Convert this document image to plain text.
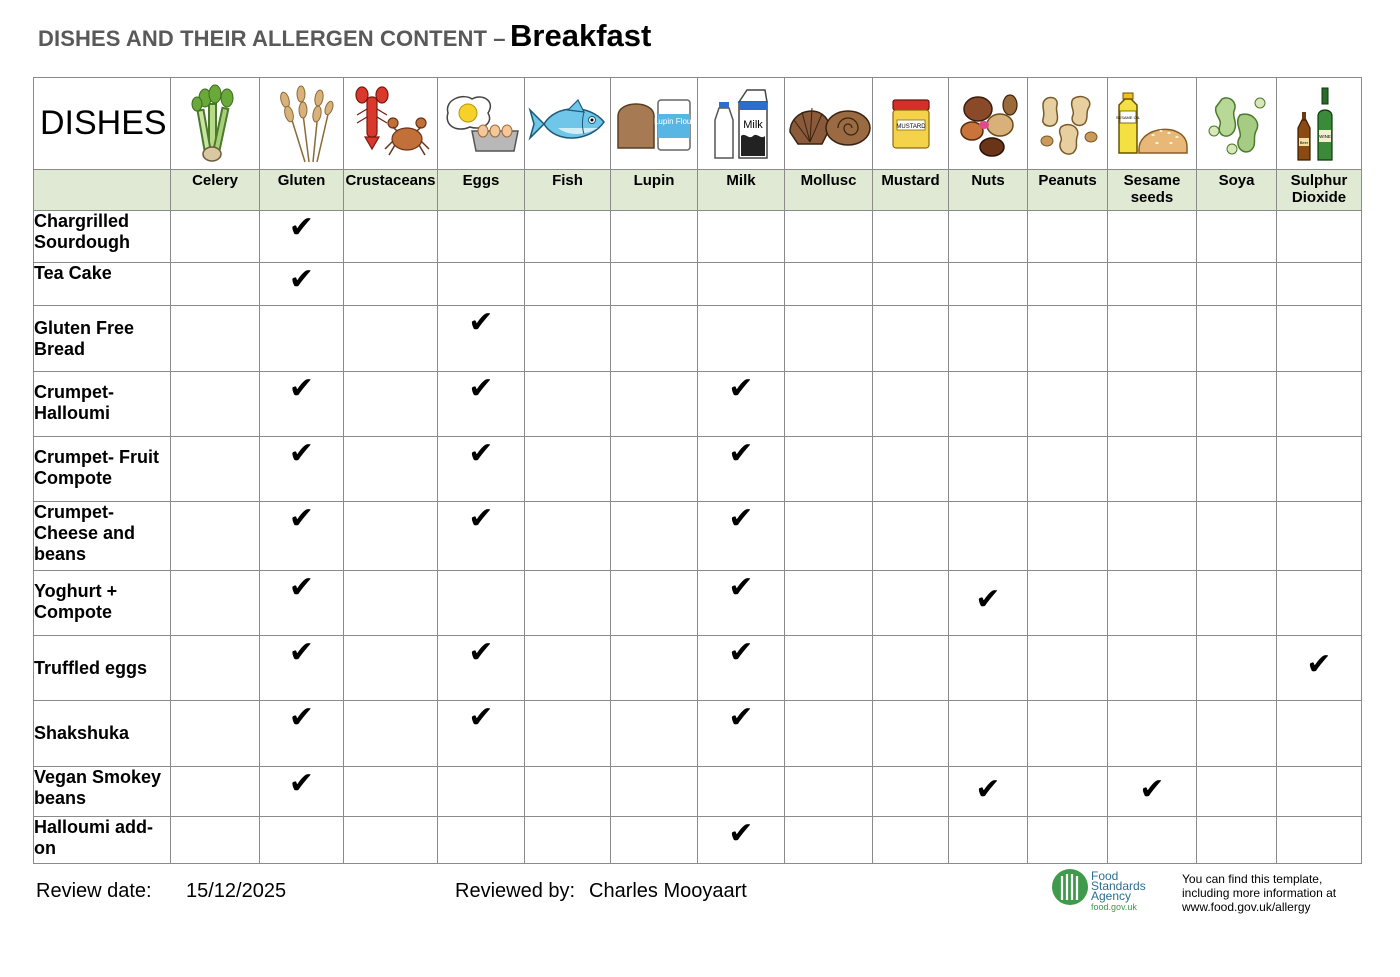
DISHES AND THEIR ALLERGEN CONTENT – Breakfast
DISHES						Lupin Flour	Milk		MUSTARD			SESAME OIL		Beer
WINE

	Celery	Gluten	Crustaceans	Eggs	Fish	Lupin	Milk	Mollusc	Mustard	Nuts	Peanuts	Sesame seeds	Soya	Sulphur Dioxide
Chargrilled Sourdough		✔												
Tea Cake		✔												
Gluten Free Bread				✔										
Crumpet- Halloumi		✔		✔			✔							
Crumpet- Fruit Compote		✔		✔			✔							
Crumpet- Cheese and beans		✔		✔			✔							
Yoghurt + Compote		✔					✔			✔				
Truffled eggs		✔		✔			✔							✔
Shakshuka		✔		✔			✔							
Vegan Smokey beans		✔								✔		✔		
Halloumi add-on							✔							
Review date: 15/12/2025	Reviewed by: Charles Mooyaart
Food
Standards
Agency
food.gov.uk
You can find this template,
including more information at
www.food.gov.uk/allergy
